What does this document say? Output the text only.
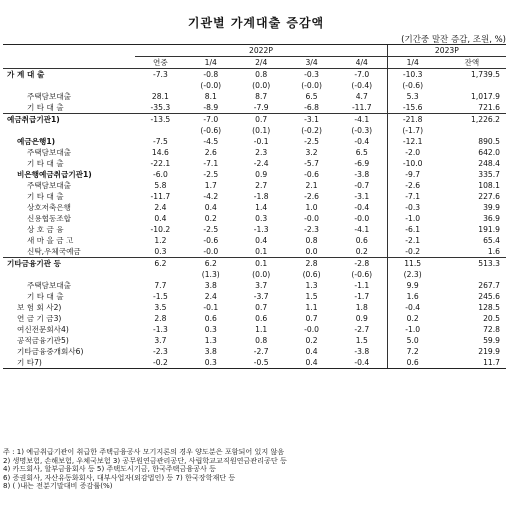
기관별 가계대출 증감액
(기간중 말잔 증감, 조원, %)
	2022P					2023P	
	연중	1/4	2/4	3/4	4/4	1/4	잔액
가 계 대 출	-7.3	-0.8	0.8	-0.3	-7.0	-10.3	1,739.5
		(-0.0)	(0.0)	(-0.0)	(-0.4)	(-0.6)	
주택담보대출	28.1	8.1	8.7	6.5	4.7	5.3	1,017.9
기 타 대 출	-35.3	-8.9	-7.9	-6.8	-11.7	-15.6	721.6
예금취급기관1)	-13.5	-7.0	0.7	-3.1	-4.1	-21.8	1,226.2
		(-0.6)	(0.1)	(-0.2)	(-0.3)	(-1.7)	
예금은행1)	-7.5	-4.5	-0.1	-2.5	-0.4	-12.1	890.5
주택담보대출	14.6	2.6	2.3	3.2	6.5	-2.0	642.0
기 타 대 출	-22.1	-7.1	-2.4	-5.7	-6.9	-10.0	248.4
비은행예금취급기관1)	-6.0	-2.5	0.9	-0.6	-3.8	-9.7	335.7
주택담보대출	5.8	1.7	2.7	2.1	-0.7	-2.6	108.1
기 타 대 출	-11.7	-4.2	-1.8	-2.6	-3.1	-7.1	227.6
상호저축은행	2.4	0.4	1.4	1.0	-0.4	-0.3	39.9
신용협동조합	0.4	0.2	0.3	-0.0	-0.0	-1.0	36.9
상 호 금 융	-10.2	-2.5	-1.3	-2.3	-4.1	-6.1	191.9
새 마 을 금 고	1.2	-0.6	0.4	0.8	0.6	-2.1	65.4
신탁,우체국예금	0.3	-0.0	0.1	0.0	0.2	-0.2	1.6
기타금융기관 등	6.2	6.2	0.1	2.8	-2.8	11.5	513.3
		(1.3)	(0.0)	(0.6)	(-0.6)	(2.3)	
주택담보대출	7.7	3.8	3.7	1.3	-1.1	9.9	267.7
기 타 대 출	-1.5	2.4	-3.7	1.5	-1.7	1.6	245.6
보 험 회 사2)	3.5	-0.1	0.7	1.1	1.8	-0.4	128.5
연 금 기 금3)	2.8	0.6	0.6	0.7	0.9	0.2	20.5
여신전문회사4)	-1.3	0.3	1.1	-0.0	-2.7	-1.0	72.8
공적금융기관5)	3.7	1.3	0.8	0.2	1.5	5.0	59.9
기타금융중개회사6)	-2.3	3.8	-2.7	0.4	-3.8	7.2	219.9
기 타7)	-0.2	0.3	-0.5	0.4	-0.4	0.6	11.7
주 : 1) 예금취급기관이 취급한 주택금융공사 모기지론의 경우 양도분은 포함되어 있지 않음
2) 생명보험, 손해보험, 우체국보험 3) 공무원연금관리공단, 사립학교교직원연금관리공단 등
4) 카드회사, 할부금융회사 등 5) 주택도시기금, 한국주택금융공사 등
6) 증권회사, 자산유동화회사, 대부사업자(외감법인) 등 7) 한국장학재단 등
8) ( )내는 전분기말대비 증감률(%)
